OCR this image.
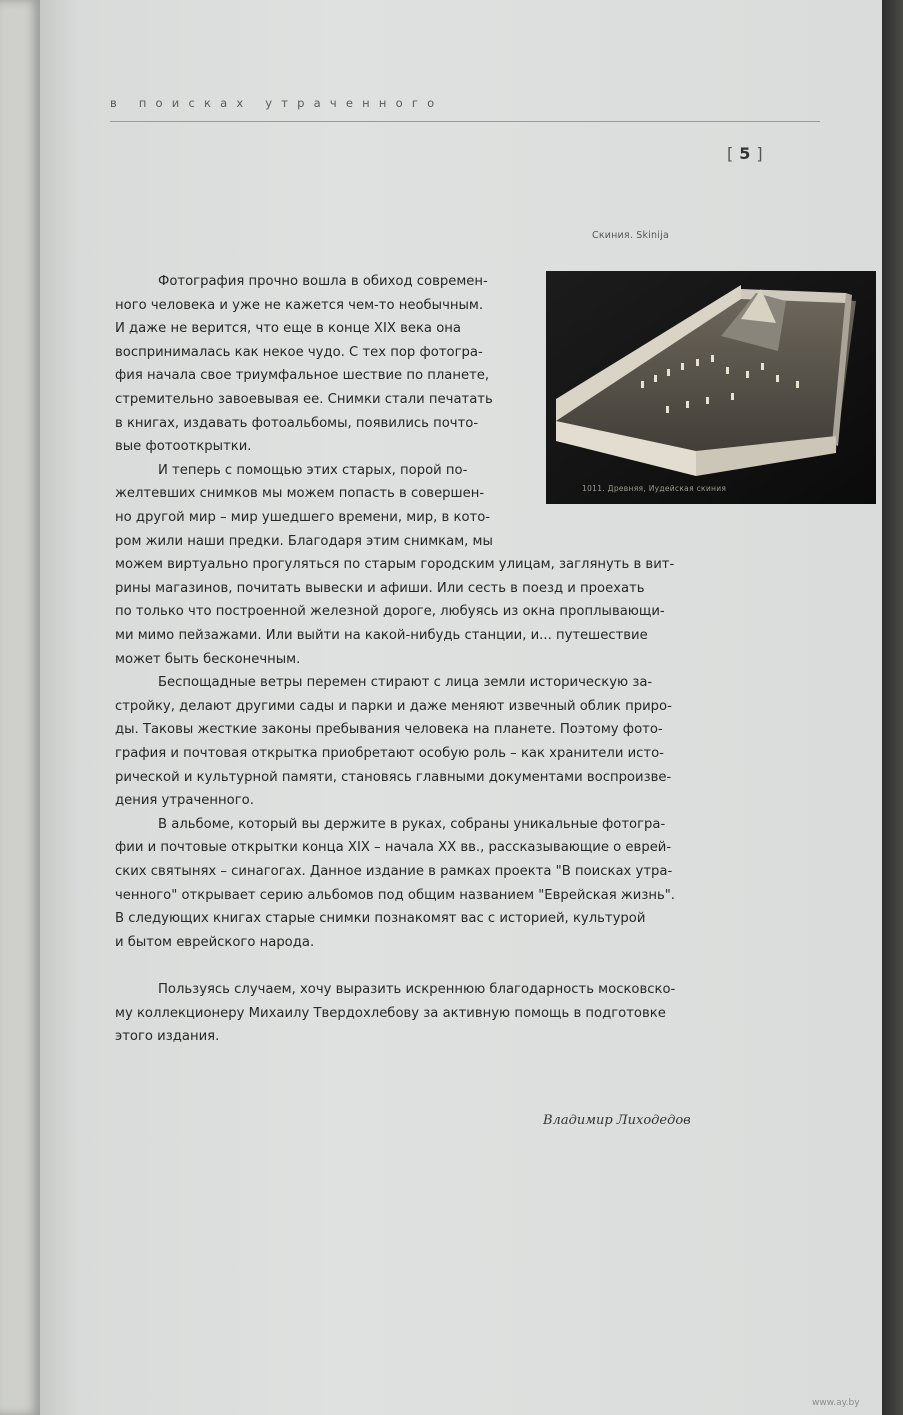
в поисках утраченного
[5]
Скиния. Skinija
1011. Древняя, Иудейская скиния
Фотография прочно вошла в обиход современ-
ного человека и уже не кажется чем-то необычным.
И даже не верится, что еще в конце XIX века она
воспринималась как некое чудо. С тех пор фотогра-
фия начала свое триумфальное шествие по планете,
стремительно завоевывая ее. Снимки стали печатать
в книгах, издавать фотоальбомы, появились почто-
вые фотооткрытки.
И теперь с помощью этих старых, порой по-
желтевших снимков мы можем попасть в совершен-
но другой мир – мир ушедшего времени, мир, в кото-
ром жили наши предки. Благодаря этим снимкам, мы
можем виртуально прогуляться по старым городским улицам, заглянуть в вит-
рины магазинов, почитать вывески и афиши. Или сесть в поезд и проехать
по только что построенной железной дороге, любуясь из окна проплывающи-
ми мимо пейзажами. Или выйти на какой-нибудь станции, и... путешествие
может быть бесконечным.
Беспощадные ветры перемен стирают с лица земли историческую за-
стройку, делают другими сады и парки и даже меняют извечный облик приро-
ды. Таковы жесткие законы пребывания человека на планете. Поэтому фото-
графия и почтовая открытка приобретают особую роль – как хранители исто-
рической и культурной памяти, становясь главными документами воспроизве-
дения утраченного.
В альбоме, который вы держите в руках, собраны уникальные фотогра-
фии и почтовые открытки конца XIX – начала XX вв., рассказывающие о еврей-
ских святынях – синагогах. Данное издание в рамках проекта "В поисках утра-
ченного" открывает серию альбомов под общим названием "Еврейская жизнь".
В следующих книгах старые снимки познакомят вас с историей, культурой
и бытом еврейского народа.
Пользуясь случаем, хочу выразить искреннюю благодарность московско-
му коллекционеру Михаилу Твердохлебову за активную помощь в подготовке
этого издания.
Владимир Лиходедов
www.ay.by
